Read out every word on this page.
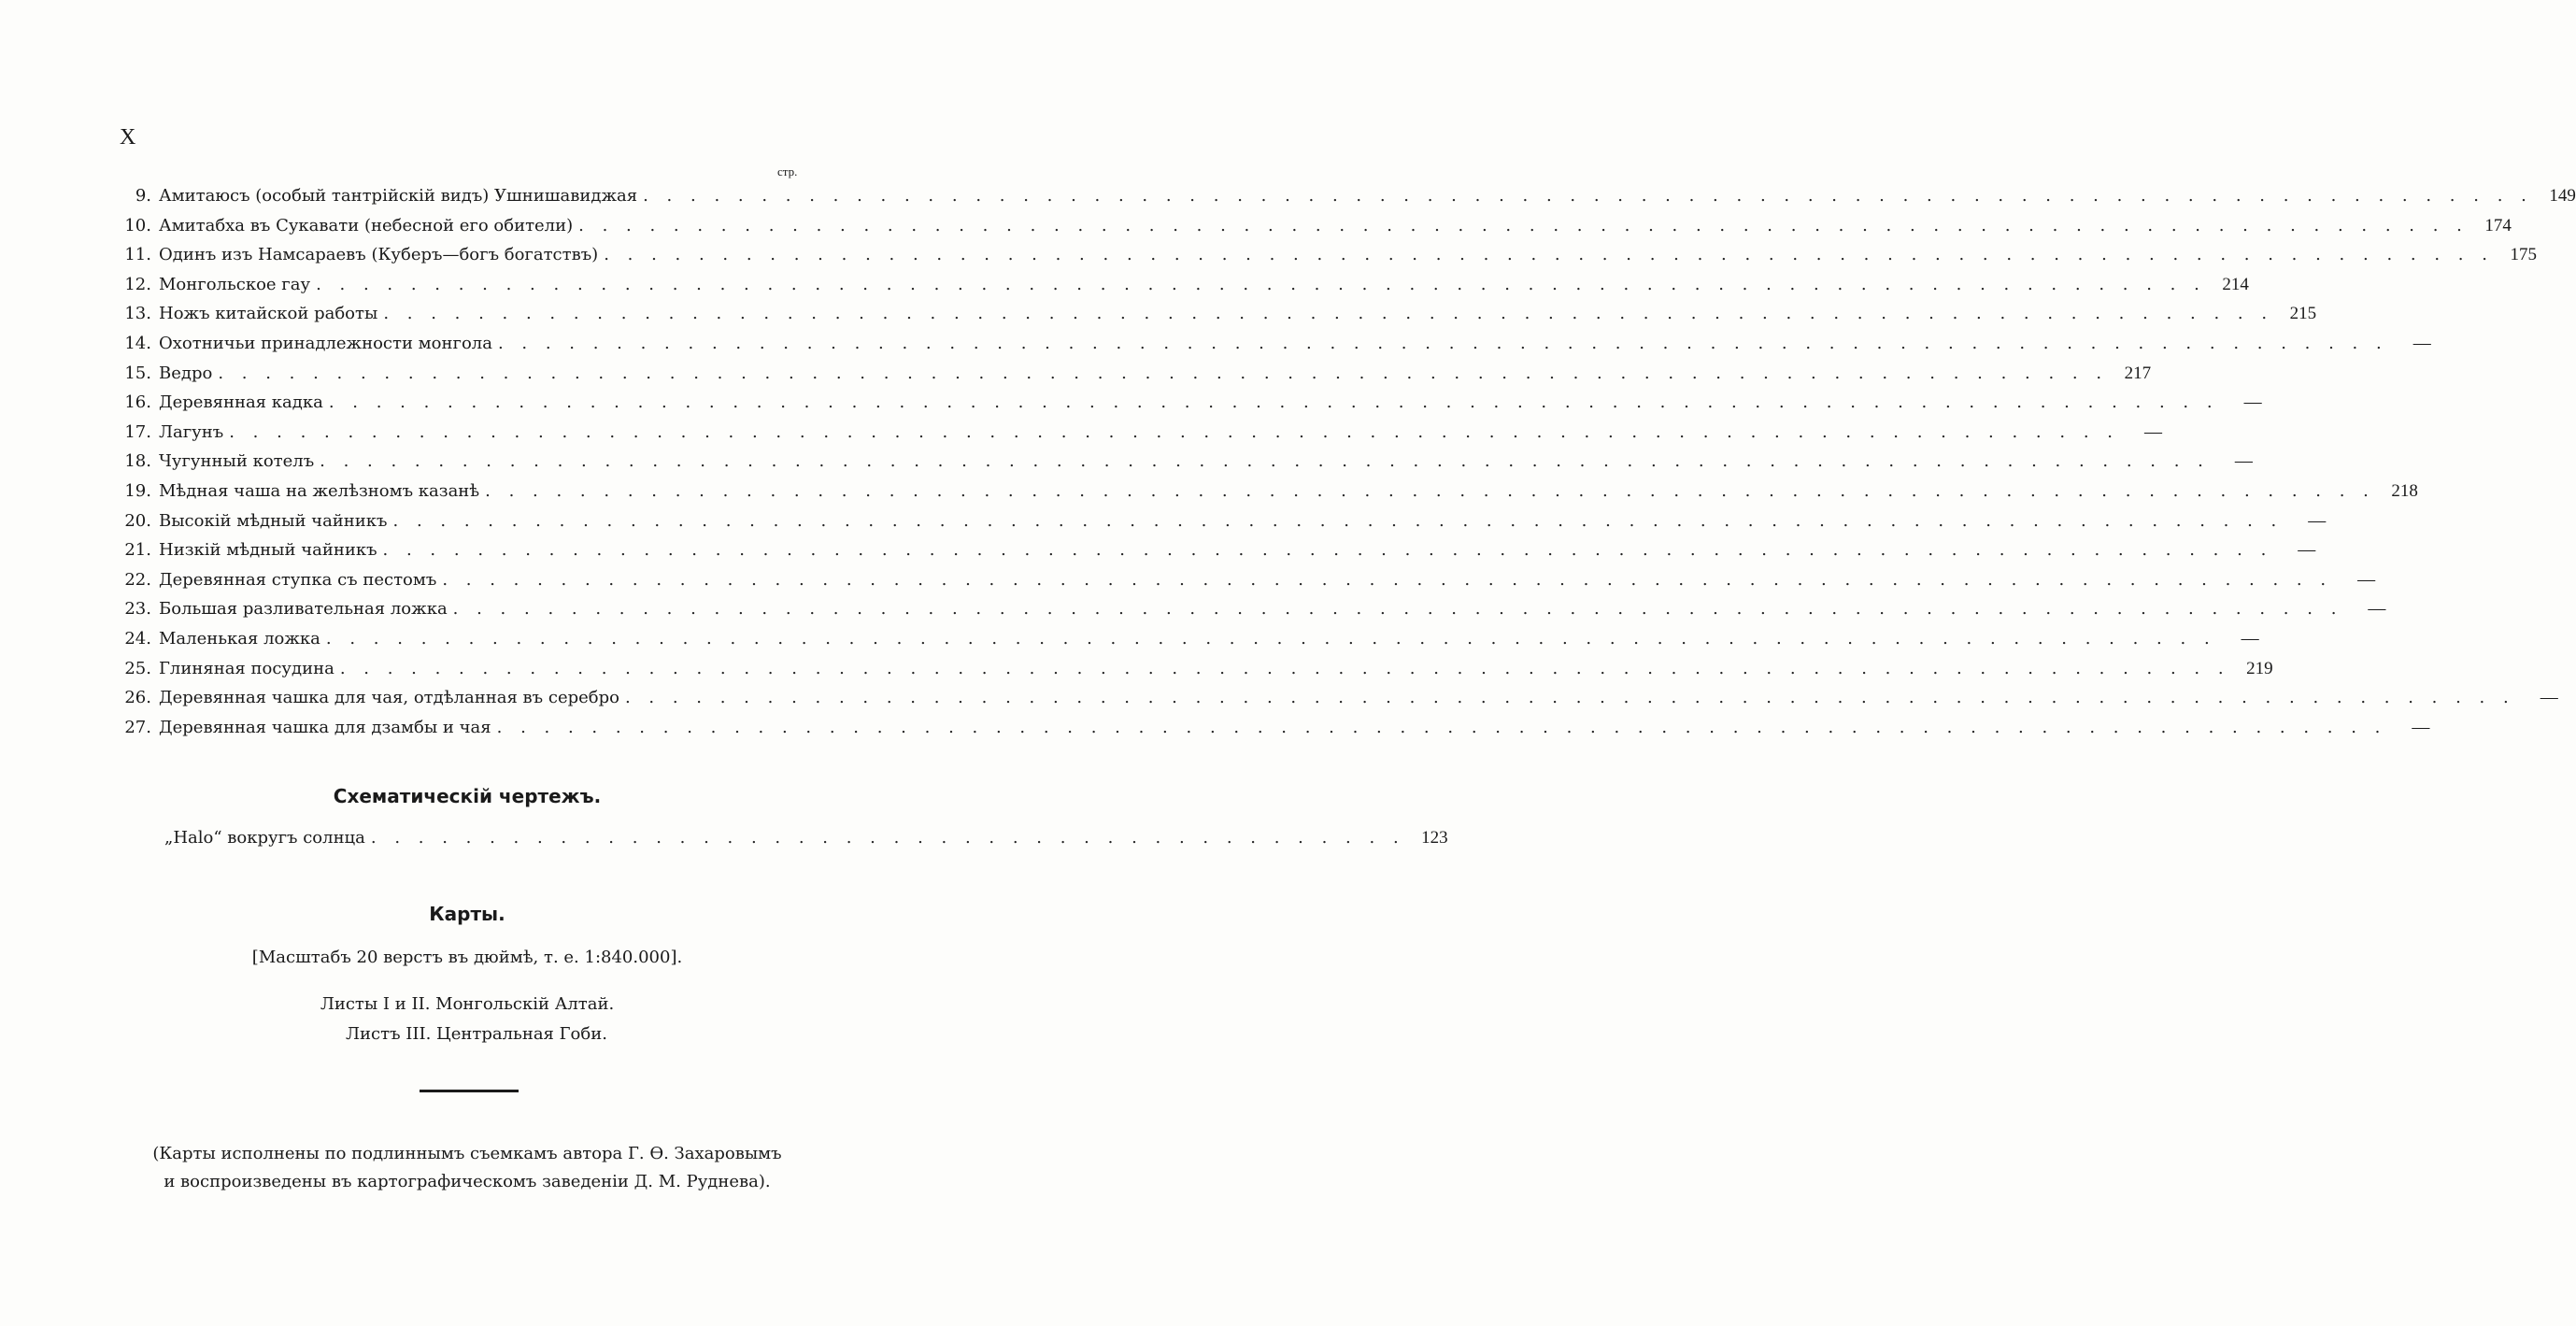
X
стр.
9. Амитаюсъ (особый тантрійскій видъ) Ушнишавиджая . . . . . . . . . . . . . . . . . . . . . . . . . . . . . . . . . . . . . . . . . . . . . . . . . . . . . . . . . . . . . . . . . . . . . . . . . . . . . . . . 149
10. Амитабха въ Сукавати (небесной его обители) . . . . . . . . . . . . . . . . . . . . . . . . . . . . . . . . . . . . . . . . . . . . . . . . . . . . . . . . . . . . . . . . . . . . . . . . . . . . . . . . 174
11. Одинъ изъ Намсараевъ (Куберъ—богъ богатствъ) . . . . . . . . . . . . . . . . . . . . . . . . . . . . . . . . . . . . . . . . . . . . . . . . . . . . . . . . . . . . . . . . . . . . . . . . . . . . . . . . 175
12. Монгольское гау . . . . . . . . . . . . . . . . . . . . . . . . . . . . . . . . . . . . . . . . . . . . . . . . . . . . . . . . . . . . . . . . . . . . . . . . . . . . . . . . 214
13. Ножъ китайской работы . . . . . . . . . . . . . . . . . . . . . . . . . . . . . . . . . . . . . . . . . . . . . . . . . . . . . . . . . . . . . . . . . . . . . . . . . . . . . . . . 215
14. Охотничьи принадлежности монгола . . . . . . . . . . . . . . . . . . . . . . . . . . . . . . . . . . . . . . . . . . . . . . . . . . . . . . . . . . . . . . . . . . . . . . . . . . . . . . . .	—
15. Ведро . . . . . . . . . . . . . . . . . . . . . . . . . . . . . . . . . . . . . . . . . . . . . . . . . . . . . . . . . . . . . . . . . . . . . . . . . . . . . . . . 217
16. Деревянная кадка . . . . . . . . . . . . . . . . . . . . . . . . . . . . . . . . . . . . . . . . . . . . . . . . . . . . . . . . . . . . . . . . . . . . . . . . . . . . . . . .	—
17. Лагунъ . . . . . . . . . . . . . . . . . . . . . . . . . . . . . . . . . . . . . . . . . . . . . . . . . . . . . . . . . . . . . . . . . . . . . . . . . . . . . . . .	—
18. Чугунный котелъ . . . . . . . . . . . . . . . . . . . . . . . . . . . . . . . . . . . . . . . . . . . . . . . . . . . . . . . . . . . . . . . . . . . . . . . . . . . . . . . .	—
19. Мѣдная чаша на желѣзномъ казанѣ . . . . . . . . . . . . . . . . . . . . . . . . . . . . . . . . . . . . . . . . . . . . . . . . . . . . . . . . . . . . . . . . . . . . . . . . . . . . . . . . 218
20. Высокій мѣдный чайникъ . . . . . . . . . . . . . . . . . . . . . . . . . . . . . . . . . . . . . . . . . . . . . . . . . . . . . . . . . . . . . . . . . . . . . . . . . . . . . . . .	—
21. Низкій мѣдный чайникъ . . . . . . . . . . . . . . . . . . . . . . . . . . . . . . . . . . . . . . . . . . . . . . . . . . . . . . . . . . . . . . . . . . . . . . . . . . . . . . . .	—
22. Деревянная ступка съ пестомъ . . . . . . . . . . . . . . . . . . . . . . . . . . . . . . . . . . . . . . . . . . . . . . . . . . . . . . . . . . . . . . . . . . . . . . . . . . . . . . . .	—
23. Большая разливательная ложка . . . . . . . . . . . . . . . . . . . . . . . . . . . . . . . . . . . . . . . . . . . . . . . . . . . . . . . . . . . . . . . . . . . . . . . . . . . . . . . .	—
24. Маленькая ложка . . . . . . . . . . . . . . . . . . . . . . . . . . . . . . . . . . . . . . . . . . . . . . . . . . . . . . . . . . . . . . . . . . . . . . . . . . . . . . . .	—
25. Глиняная посудина . . . . . . . . . . . . . . . . . . . . . . . . . . . . . . . . . . . . . . . . . . . . . . . . . . . . . . . . . . . . . . . . . . . . . . . . . . . . . . . . 219
26. Деревянная чашка для чая, отдѣланная въ серебро . . . . . . . . . . . . . . . . . . . . . . . . . . . . . . . . . . . . . . . . . . . . . . . . . . . . . . . . . . . . . . . . . . . . . . . . . . . . . . . .	—
27. Деревянная чашка для дзамбы и чая . . . . . . . . . . . . . . . . . . . . . . . . . . . . . . . . . . . . . . . . . . . . . . . . . . . . . . . . . . . . . . . . . . . . . . . . . . . . . . . .	—
Схематическій чертежъ.
„Halo“ вокругъ солнца . . . . . . . . . . . . . . . . . . . . . . . . . . . . . . . . . . . . . . . . . . . . 123
Карты.
[Масштабъ 20 верстъ въ дюймѣ, т. е. 1:840.000].
Листы I и II. Монгольскій Алтай.
Листъ III. Центральная Гоби.
(Карты исполнены по подлиннымъ съемкамъ автора Г. Ѳ. Захаровымъ
и воспроизведены въ картографическомъ заведеніи Д. М. Руднева).
